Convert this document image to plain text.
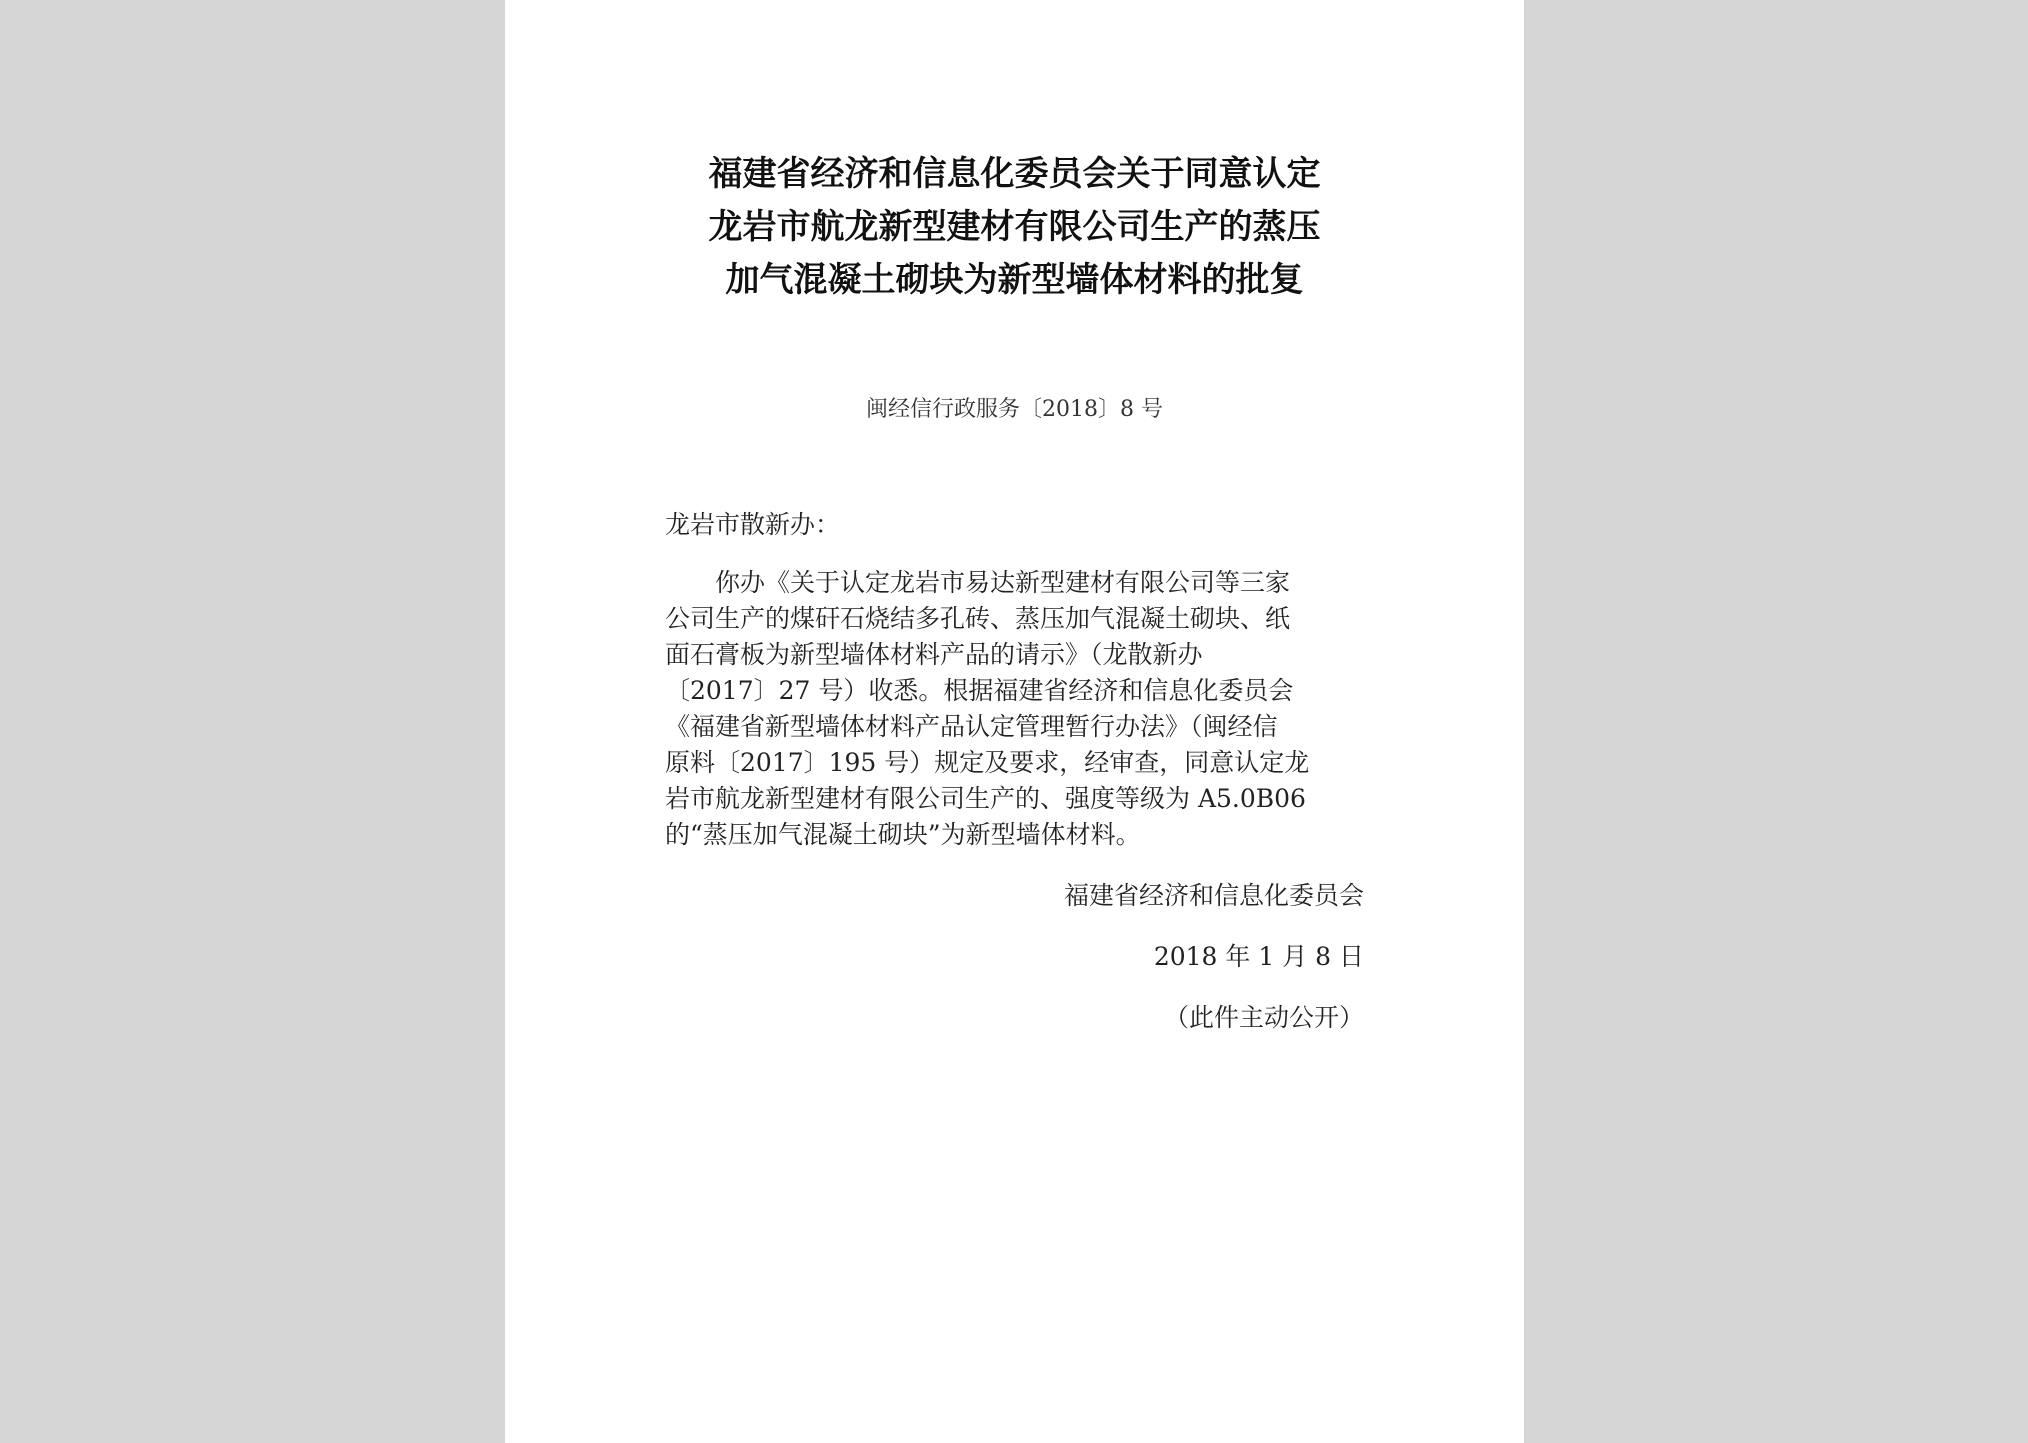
福建省经济和信息化委员会关于同意认定
龙岩市航龙新型建材有限公司生产的蒸压
加气混凝土砌块为新型墙体材料的批复
闽经信行政服务〔2018〕8 号
龙岩市散新办：
你办《关于认定龙岩市易达新型建材有限公司等三家
公司生产的煤矸石烧结多孔砖、蒸压加气混凝土砌块、纸
面石膏板为新型墙体材料产品的请示》（龙散新办
〔2017〕27 号）收悉。根据福建省经济和信息化委员会
《福建省新型墙体材料产品认定管理暂行办法》（闽经信
原料〔2017〕195 号）规定及要求，经审查，同意认定龙
岩市航龙新型建材有限公司生产的、强度等级为 A5.0B06
的“蒸压加气混凝土砌块”为新型墙体材料。
福建省经济和信息化委员会
2018 年 1 月 8 日
（此件主动公开）
